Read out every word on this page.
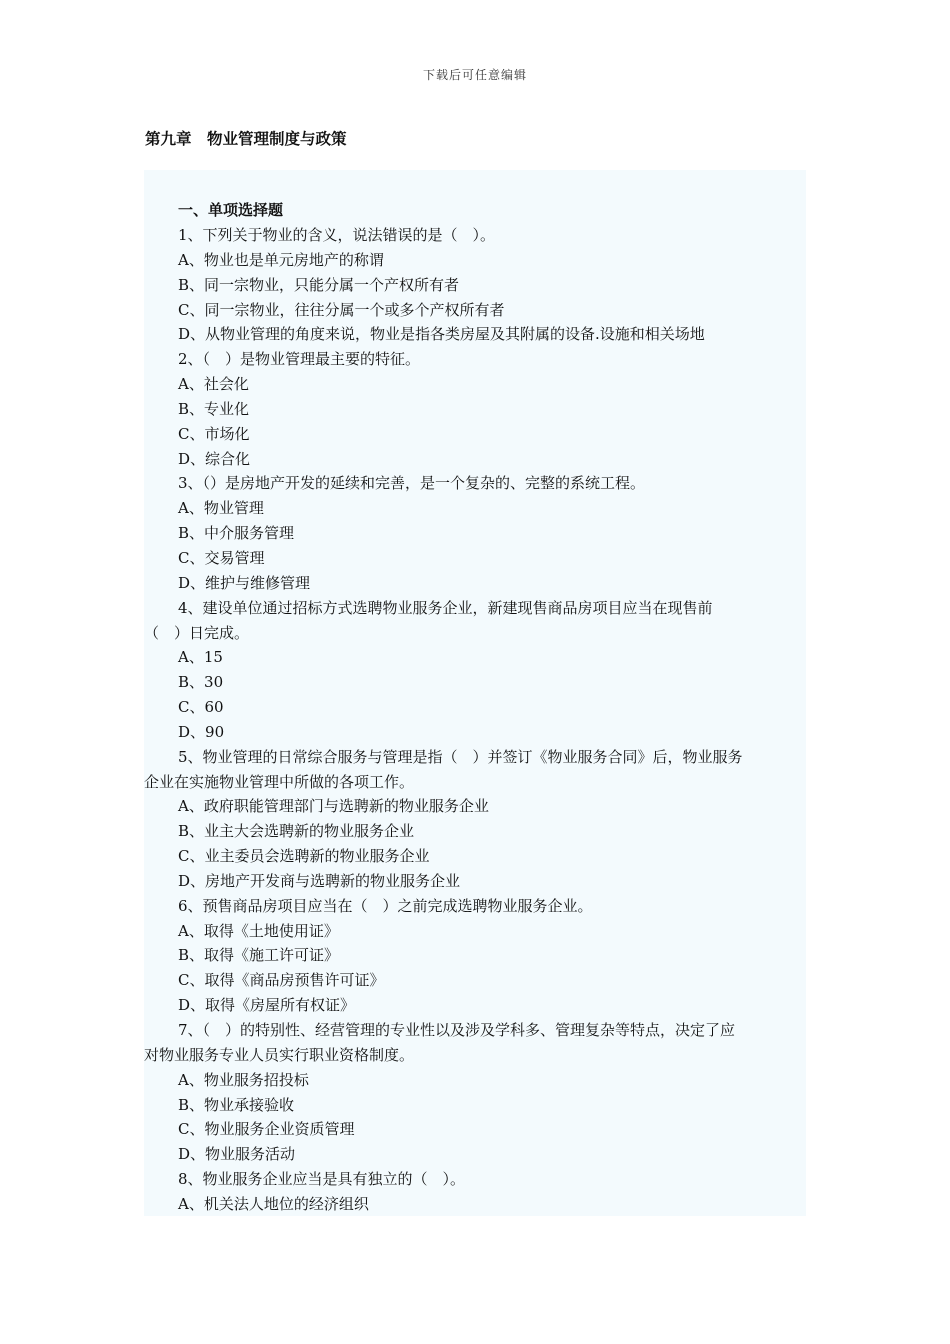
下载后可任意编辑
第九章　物业管理制度与政策
一、单项选择题
1、下列关于物业的含义，说法错误的是（　）。
A、物业也是单元房地产的称谓
B、同一宗物业，只能分属一个产权所有者
C、同一宗物业，往往分属一个或多个产权所有者
D、从物业管理的角度来说，物业是指各类房屋及其附属的设备.设施和相关场地
2、（　）是物业管理最主要的特征。
A、社会化
B、专业化
C、市场化
D、综合化
3、（）是房地产开发的延续和完善，是一个复杂的、完整的系统工程。
A、物业管理
B、中介服务管理
C、交易管理
D、维护与维修管理
4、建设单位通过招标方式选聘物业服务企业，新建现售商品房项目应当在现售前
（　）日完成。
A、15
B、30
C、60
D、90
5、物业管理的日常综合服务与管理是指（　）并签订《物业服务合同》后，物业服务
企业在实施物业管理中所做的各项工作。
A、政府职能管理部门与选聘新的物业服务企业
B、业主大会选聘新的物业服务企业
C、业主委员会选聘新的物业服务企业
D、房地产开发商与选聘新的物业服务企业
6、预售商品房项目应当在（　）之前完成选聘物业服务企业。
A、取得《土地使用证》
B、取得《施工许可证》
C、取得《商品房预售许可证》
D、取得《房屋所有权证》
7、（　）的特别性、经营管理的专业性以及涉及学科多、管理复杂等特点，决定了应
对物业服务专业人员实行职业资格制度。
A、物业服务招投标
B、物业承接验收
C、物业服务企业资质管理
D、物业服务活动
8、物业服务企业应当是具有独立的（　）。
A、机关法人地位的经济组织
